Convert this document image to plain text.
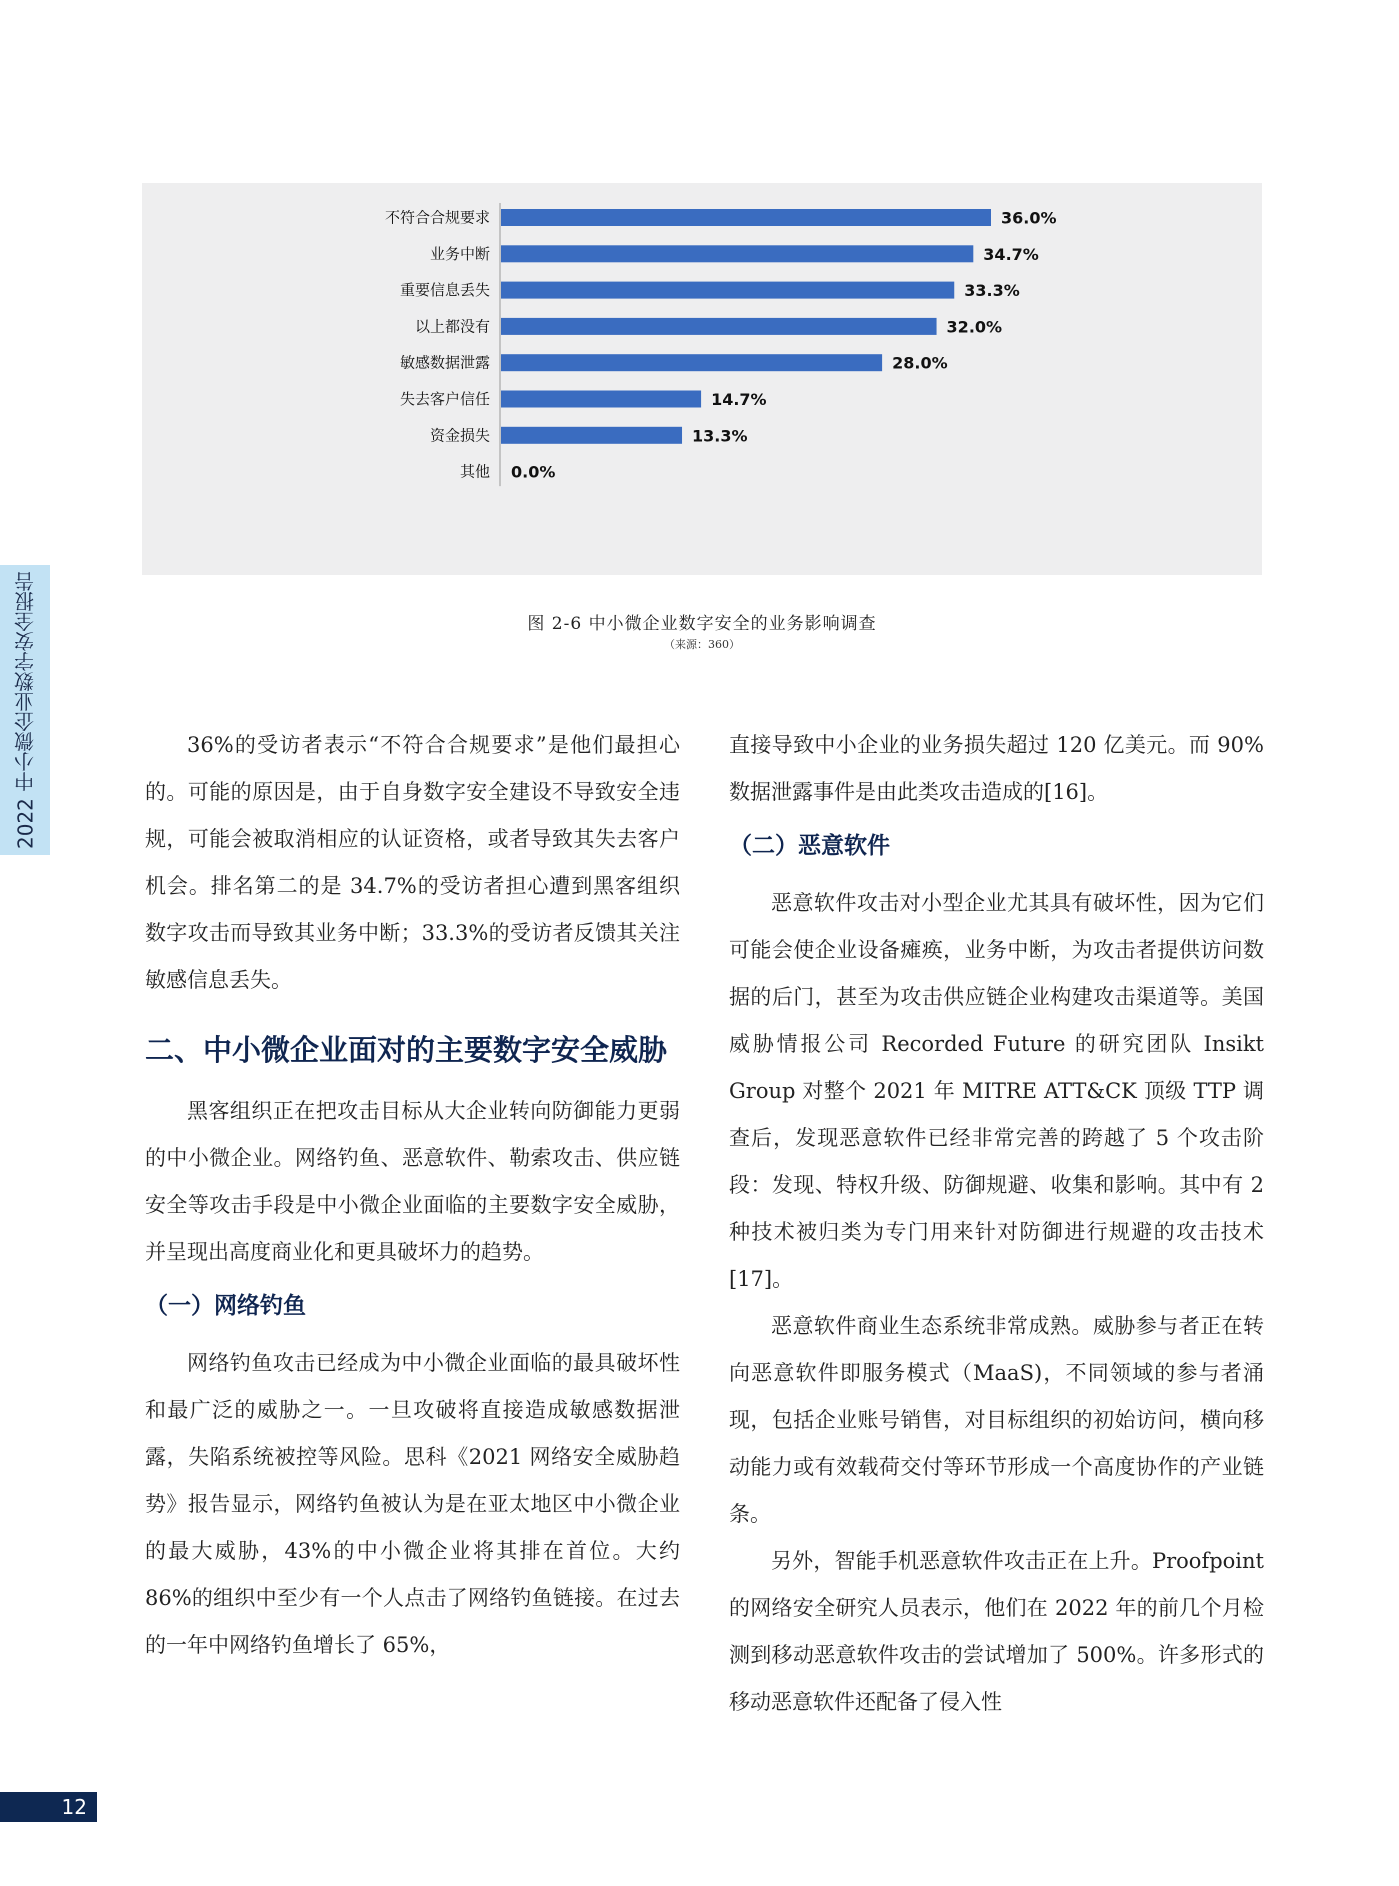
2022 中小微企业数字安全报告
不符合合规要求	36.0%
业务中断	34.7%
重要信息丢失	33.3%
以上都没有	32.0%
敏感数据泄露	28.0%
失去客户信任	14.7%
资金损失	13.3%
其他 0.0%
图 2-6 中小微企业数字安全的业务影响调查
（来源：360）

36%的受访者表示“不符合合规要求”是他们最担心的。可能的原因是，由于自身数字安全建设不导致安全违规，可能会被取消相应的认证资格，或者导致其失去客户机会。排名第二的是 34.7%的受访者担心遭到黑客组织数字攻击而导致其业务中断；33.3%的受访者反馈其关注敏感信息丢失。

二、中小微企业面对的主要数字安全威胁

黑客组织正在把攻击目标从大企业转向防御能力更弱的中小微企业。网络钓鱼、恶意软件、勒索攻击、供应链安全等攻击手段是中小微企业面临的主要数字安全威胁，并呈现出高度商业化和更具破坏力的趋势。

（一）网络钓鱼

网络钓鱼攻击已经成为中小微企业面临的最具破坏性和最广泛的威胁之一。一旦攻破将直接造成敏感数据泄露，失陷系统被控等风险。思科《2021 网络安全威胁趋势》报告显示，网络钓鱼被认为是在亚太地区中小微企业的最大威胁，43%的中小微企业将其排在首位。大约 86%的组织中至少有一个人点击了网络钓鱼链接。在过去的一年中网络钓鱼增长了 65%，

直接导致中小企业的业务损失超过 120 亿美元。而 90%数据泄露事件是由此类攻击造成的[16]。

（二）恶意软件

恶意软件攻击对小型企业尤其具有破坏性，因为它们可能会使企业设备瘫痪，业务中断，为攻击者提供访问数据的后门，甚至为攻击供应链企业构建攻击渠道等。美国威胁情报公司 Recorded Future 的研究团队 Insikt Group 对整个 2021 年 MITRE ATT&CK 顶级 TTP 调查后，发现恶意软件已经非常完善的跨越了 5 个攻击阶段：发现、特权升级、防御规避、收集和影响。其中有 2 种技术被归类为专门用来针对防御进行规避的攻击技术[17]。

恶意软件商业生态系统非常成熟。威胁参与者正在转向恶意软件即服务模式（MaaS)，不同领域的参与者涌现，包括企业账号销售，对目标组织的初始访问，横向移动能力或有效载荷交付等环节形成一个高度协作的产业链条。

另外，智能手机恶意软件攻击正在上升。Proofpoint 的网络安全研究人员表示，他们在 2022 年的前几个月检测到移动恶意软件攻击的尝试增加了 500%。许多形式的移动恶意软件还配备了侵入性

12
